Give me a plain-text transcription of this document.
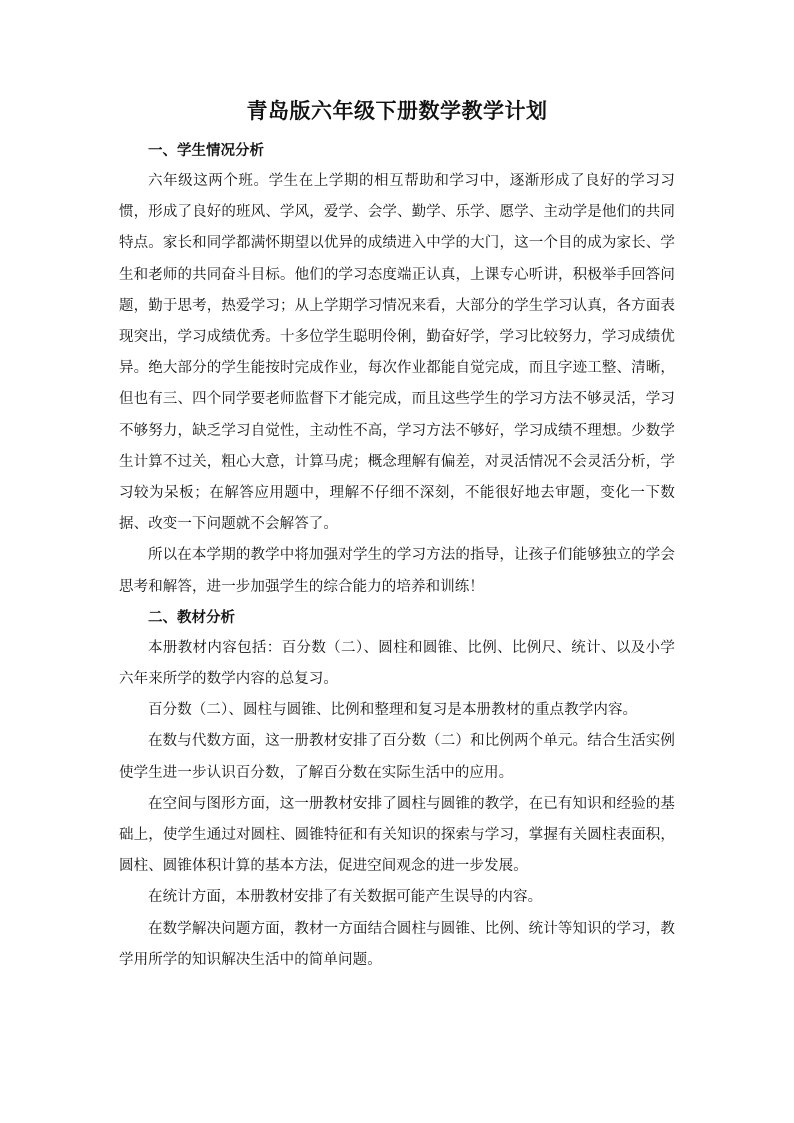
青岛版六年级下册数学教学计划
一、学生情况分析

六年级这两个班。学生在上学期的相互帮助和学习中，逐渐形成了良好的学习习惯，形成了良好的班风、学风，爱学、会学、勤学、乐学、愿学、主动学是他们的共同特点。家长和同学都满怀期望以优异的成绩进入中学的大门，这一个目的成为家长、学生和老师的共同奋斗目标。他们的学习态度端正认真，上课专心听讲，积极举手回答问题，勤于思考，热爱学习；从上学期学习情况来看，大部分的学生学习认真，各方面表现突出，学习成绩优秀。十多位学生聪明伶俐，勤奋好学，学习比较努力，学习成绩优异。绝大部分的学生能按时完成作业，每次作业都能自觉完成，而且字迹工整、清晰，但也有三、四个同学要老师监督下才能完成，而且这些学生的学习方法不够灵活，学习不够努力，缺乏学习自觉性，主动性不高，学习方法不够好，学习成绩不理想。少数学生计算不过关，粗心大意，计算马虎；概念理解有偏差，对灵活情况不会灵活分析，学习较为呆板；在解答应用题中，理解不仔细不深刻，不能很好地去审题，变化一下数据、改变一下问题就不会解答了。

所以在本学期的教学中将加强对学生的学习方法的指导，让孩子们能够独立的学会思考和解答，进一步加强学生的综合能力的培养和训练！

二、教材分析

本册教材内容包括：百分数（二）、圆柱和圆锥、比例、比例尺、统计、以及小学六年来所学的数学内容的总复习。

百分数（二）、圆柱与圆锥、比例和整理和复习是本册教材的重点教学内容。

在数与代数方面，这一册教材安排了百分数（二）和比例两个单元。结合生活实例使学生进一步认识百分数，了解百分数在实际生活中的应用。

在空间与图形方面，这一册教材安排了圆柱与圆锥的教学，在已有知识和经验的基础上，使学生通过对圆柱、圆锥特征和有关知识的探索与学习，掌握有关圆柱表面积，圆柱、圆锥体积计算的基本方法，促进空间观念的进一步发展。

在统计方面，本册教材安排了有关数据可能产生误导的内容。

在数学解决问题方面，教材一方面结合圆柱与圆锥、比例、统计等知识的学习，教学用所学的知识解决生活中的简单问题。
